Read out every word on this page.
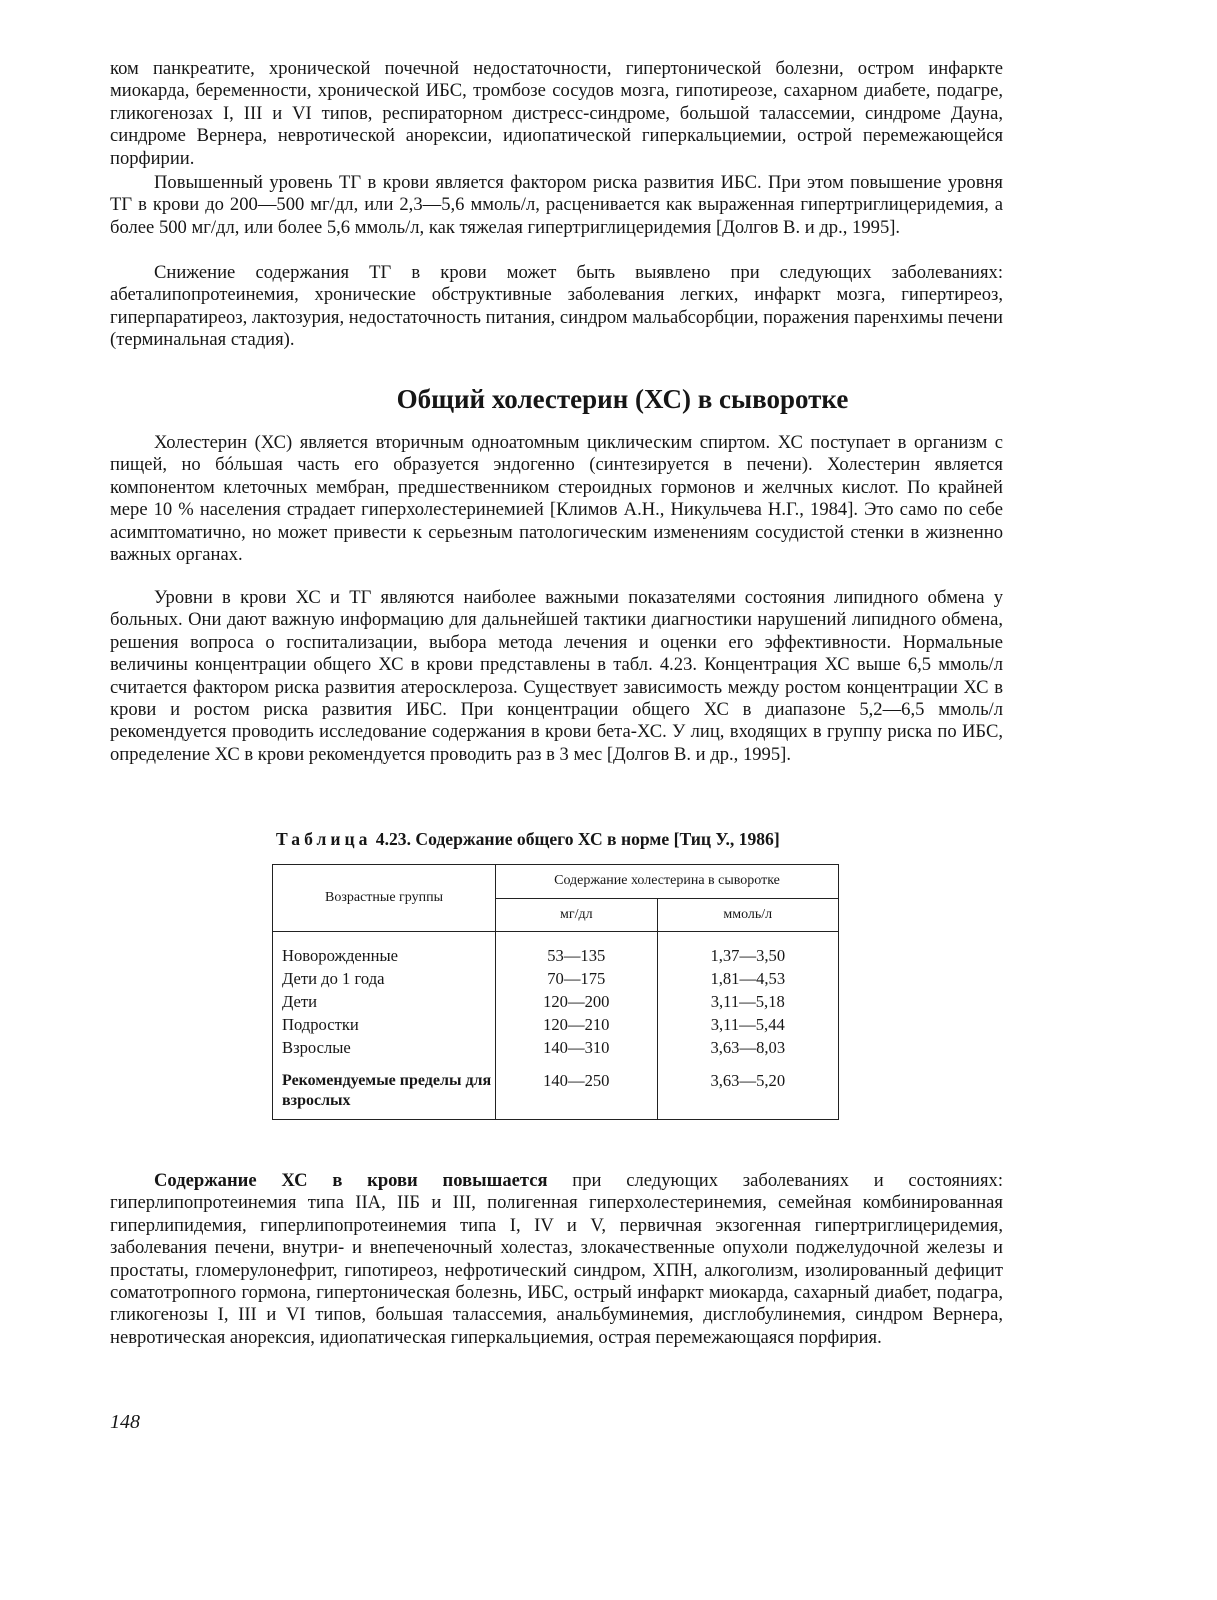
ком панкреатите, хронической почечной недостаточности, гипертонической болезни, остром инфаркте миокарда, беременности, хронической ИБС, тромбозе сосудов мозга, гипотиреозе, сахарном диабете, подагре, гликогенозах I, III и VI типов, респираторном дистресс-синдроме, большой талассемии, синдроме Дауна, синдроме Вернера, невротической анорексии, идиопатической гиперкальциемии, острой перемежающейся порфирии.

Повышенный уровень ТГ в крови является фактором риска развития ИБС. При этом повышение уровня ТГ в крови до 200—500 мг/дл, или 2,3—5,6 ммоль/л, расценивается как выраженная гипертриглицеридемия, а более 500 мг/дл, или более 5,6 ммоль/л, как тяжелая гипертриглицеридемия [Долгов В. и др., 1995].

Снижение содержания ТГ в крови может быть выявлено при следующих заболеваниях: абеталипопротеинемия, хронические обструктивные заболевания легких, инфаркт мозга, гипертиреоз, гиперпаратиреоз, лактозурия, недостаточность питания, синдром мальабсорбции, поражения паренхимы печени (терминальная стадия).

Общий холестерин (ХС) в сыворотке

Холестерин (ХС) является вторичным одноатомным циклическим спиртом. ХС поступает в организм с пищей, но бóльшая часть его образуется эндогенно (синтезируется в печени). Холестерин является компонентом клеточных мембран, предшественником стероидных гормонов и желчных кислот. По крайней мере 10 % населения страдает гиперхолестеринемией [Климов А.Н., Никульчева Н.Г., 1984]. Это само по себе асимптоматично, но может привести к серьезным патологическим изменениям сосудистой стенки в жизненно важных органах.

Уровни в крови ХС и ТГ являются наиболее важными показателями состояния липидного обмена у больных. Они дают важную информацию для дальнейшей тактики диагностики нарушений липидного обмена, решения вопроса о госпитализации, выбора метода лечения и оценки его эффективности. Нормальные величины концентрации общего ХС в крови представлены в табл. 4.23. Концентрация ХС выше 6,5 ммоль/л считается фактором риска развития атеросклероза. Существует зависимость между ростом концентрации ХС в крови и ростом риска развития ИБС. При концентрации общего ХС в диапазоне 5,2—6,5 ммоль/л рекомендуется проводить исследование содержания в крови бета-ХС. У лиц, входящих в группу риска по ИБС, определение ХС в крови рекомендуется проводить раз в 3 мес [Долгов В. и др., 1995].

Таблица 4.23. Содержание общего ХС в норме [Тиц У., 1986]
Возрастные группы	Содержание холестерина в сыворотке	
	мг/дл	ммоль/л

Новорожденные	53—135	1,37—3,50
Дети до 1 года	70—175	1,81—4,53
Дети	120—200	3,11—5,18
Подростки	120—210	3,11—5,44
Взрослые	140—310	3,63—8,03

Рекомендуемые пределы для взрослых	140—250	3,63—5,20

Содержание ХС в крови повышается при следующих заболеваниях и состояниях: гиперлипопротеинемия типа IIА, IIБ и III, полигенная гиперхолестеринемия, семейная комбинированная гиперлипидемия, гиперлипопротеинемия типа I, IV и V, первичная экзогенная гипертриглицеридемия, заболевания печени, внутри- и внепеченочный холестаз, злокачественные опухоли поджелудочной железы и простаты, гломерулонефрит, гипотиреоз, нефротический синдром, ХПН, алкоголизм, изолированный дефицит соматотропного гормона, гипертоническая болезнь, ИБС, острый инфаркт миокарда, сахарный диабет, подагра, гликогенозы I, III и VI типов, большая талассемия, анальбуминемия, дисглобулинемия, синдром Вернера, невротическая анорексия, идиопатическая гиперкальциемия, острая перемежающаяся порфирия.

148
